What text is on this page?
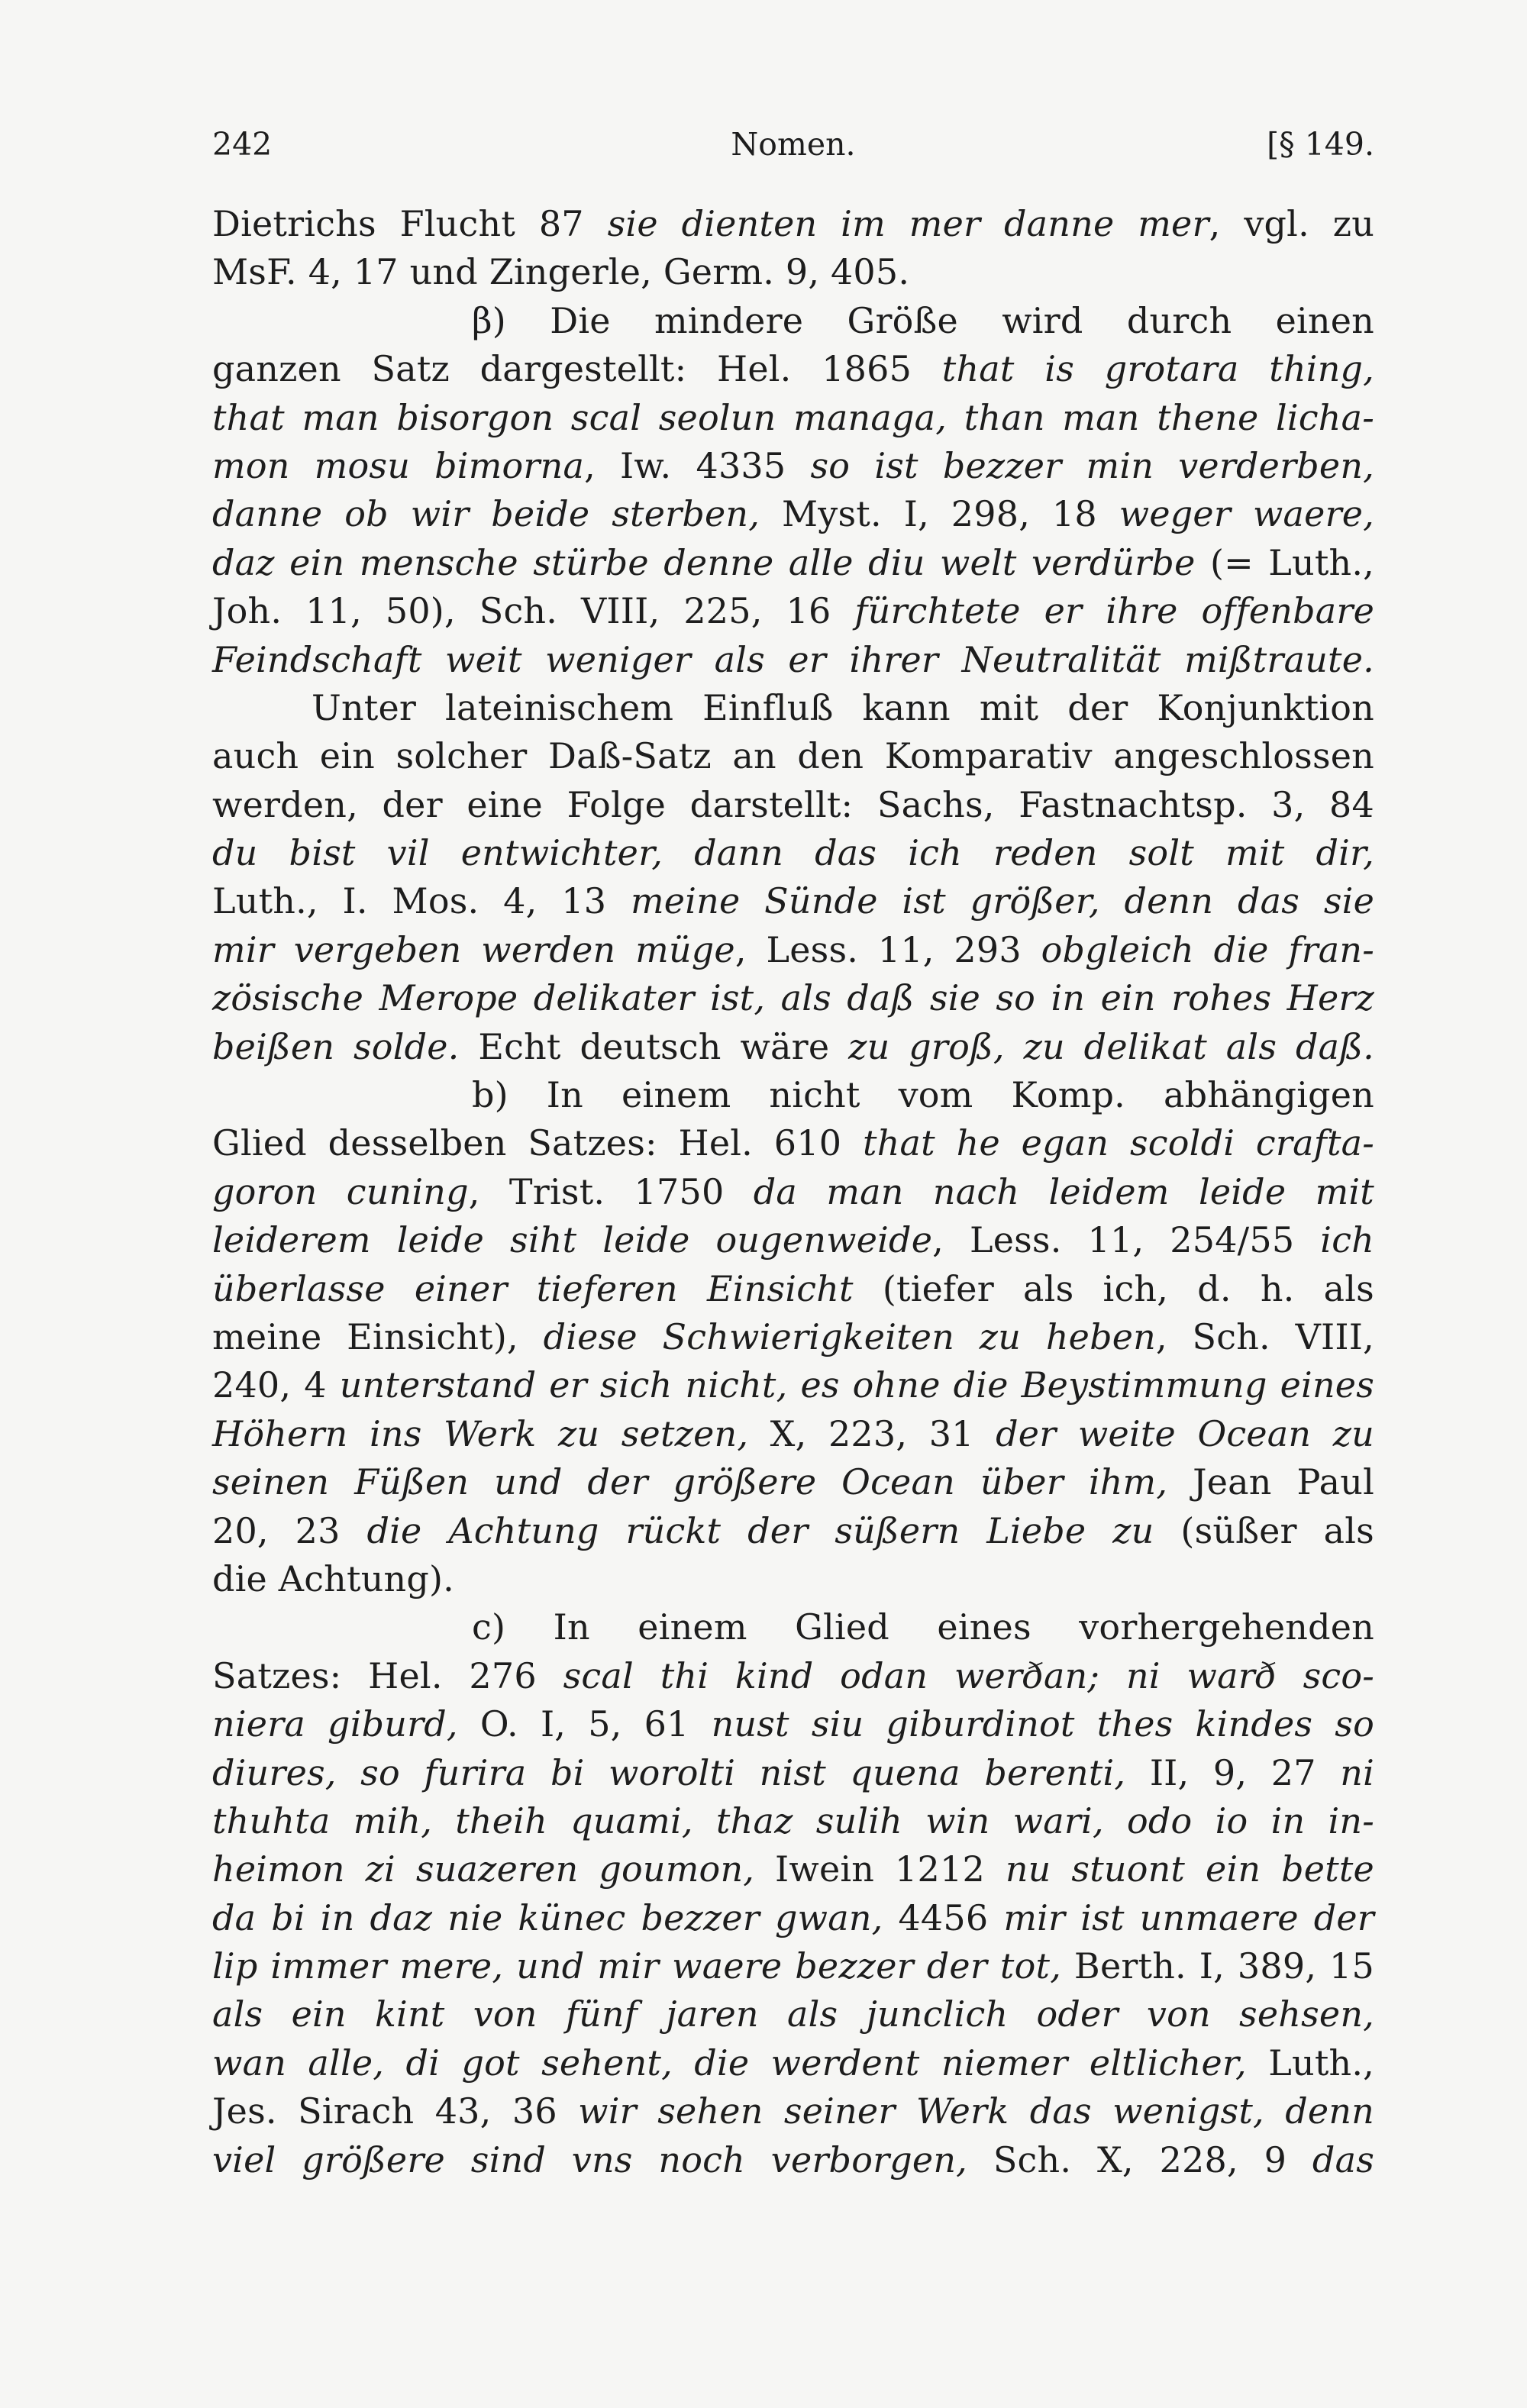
242	Nomen.	[§ 149.
Dietrichs Flucht 87 sie dienten im mer danne mer, vgl. zu
MsF. 4, 17 und Zingerle, Germ. 9, 405.
β) Die mindere Größe wird durch einen
ganzen Satz dargestellt: Hel. 1865 that is grotara thing,
that man bisorgon scal seolun managa, than man thene licha-
mon mosu bimorna, Iw. 4335 so ist bezzer min verderben,
danne ob wir beide sterben, Myst. I, 298, 18 weger waere,
daz ein mensche stürbe denne alle diu welt verdürbe (= Luth.,
Joh. 11, 50), Sch. VIII, 225, 16 fürchtete er ihre offenbare
Feindschaft weit weniger als er ihrer Neutralität mißtraute.
Unter lateinischem Einfluß kann mit der Konjunktion
auch ein solcher Daß-Satz an den Komparativ angeschlossen
werden, der eine Folge darstellt: Sachs, Fastnachtsp. 3, 84
du bist vil entwichter, dann das ich reden solt mit dir,
Luth., I. Mos. 4, 13 meine Sünde ist größer, denn das sie
mir vergeben werden müge, Less. 11, 293 obgleich die fran-
zösische Merope delikater ist, als daß sie so in ein rohes Herz
beißen solde. Echt deutsch wäre zu groß, zu delikat als daß.
b) In einem nicht vom Komp. abhängigen
Glied desselben Satzes: Hel. 610 that he egan scoldi crafta-
goron cuning, Trist. 1750 da man nach leidem leide mit
leiderem leide siht leide ougenweide, Less. 11, 254/55 ich
überlasse einer tieferen Einsicht (tiefer als ich, d. h. als
meine Einsicht), diese Schwierigkeiten zu heben, Sch. VIII,
240, 4 unterstand er sich nicht, es ohne die Beystimmung eines
Höhern ins Werk zu setzen, X, 223, 31 der weite Ocean zu
seinen Füßen und der größere Ocean über ihm, Jean Paul
20, 23 die Achtung rückt der süßern Liebe zu (süßer als
die Achtung).
c) In einem Glied eines vorhergehenden
Satzes: Hel. 276 scal thi kind odan werðan; ni warð sco-
niera giburd, O. I, 5, 61 nust siu giburdinot thes kindes so
diures, so furira bi worolti nist quena berenti, II, 9, 27 ni
thuhta mih, theih quami, thaz sulih win wari, odo io in in-
heimon zi suazeren goumon, Iwein 1212 nu stuont ein bette
da bi in daz nie künec bezzer gwan, 4456 mir ist unmaere der
lip immer mere, und mir waere bezzer der tot, Berth. I, 389, 15
als ein kint von fünf jaren als junclich oder von sehsen,
wan alle, di got sehent, die werdent niemer eltlicher, Luth.,
Jes. Sirach 43, 36 wir sehen seiner Werk das wenigst, denn
viel größere sind vns noch verborgen, Sch. X, 228, 9 das
